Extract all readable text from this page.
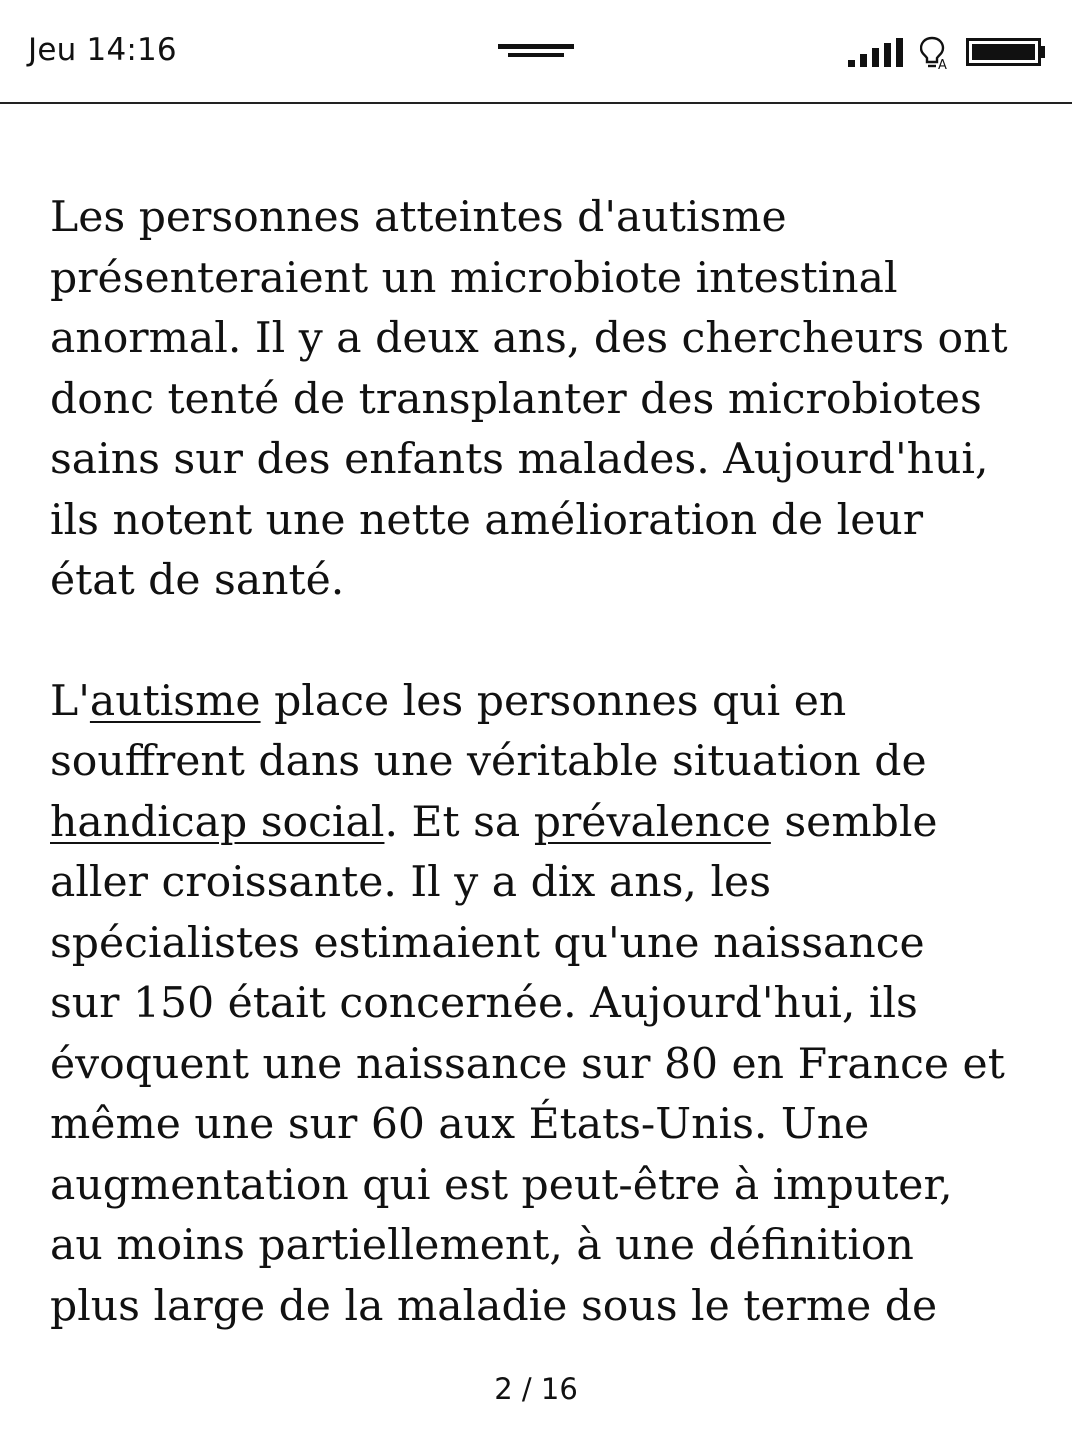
Jeu 14:16	A

Les personnes atteintes d'autisme
présenteraient un microbiote intestinal
anormal. Il y a deux ans, des chercheurs ont
donc tenté de transplanter des microbiotes
sains sur des enfants malades. Aujourd'hui,
ils notent une nette amélioration de leur
état de santé.

L'autisme place les personnes qui en
souffrent dans une véritable situation de
handicap social. Et sa prévalence semble
aller croissante. Il y a dix ans, les
spécialistes estimaient qu'une naissance
sur 150 était concernée. Aujourd'hui, ils
évoquent une naissance sur 80 en France et
même une sur 60 aux États-Unis. Une
augmentation qui est peut-être à imputer,
au moins partiellement, à une définition
plus large de la maladie sous le terme de

2 / 16
